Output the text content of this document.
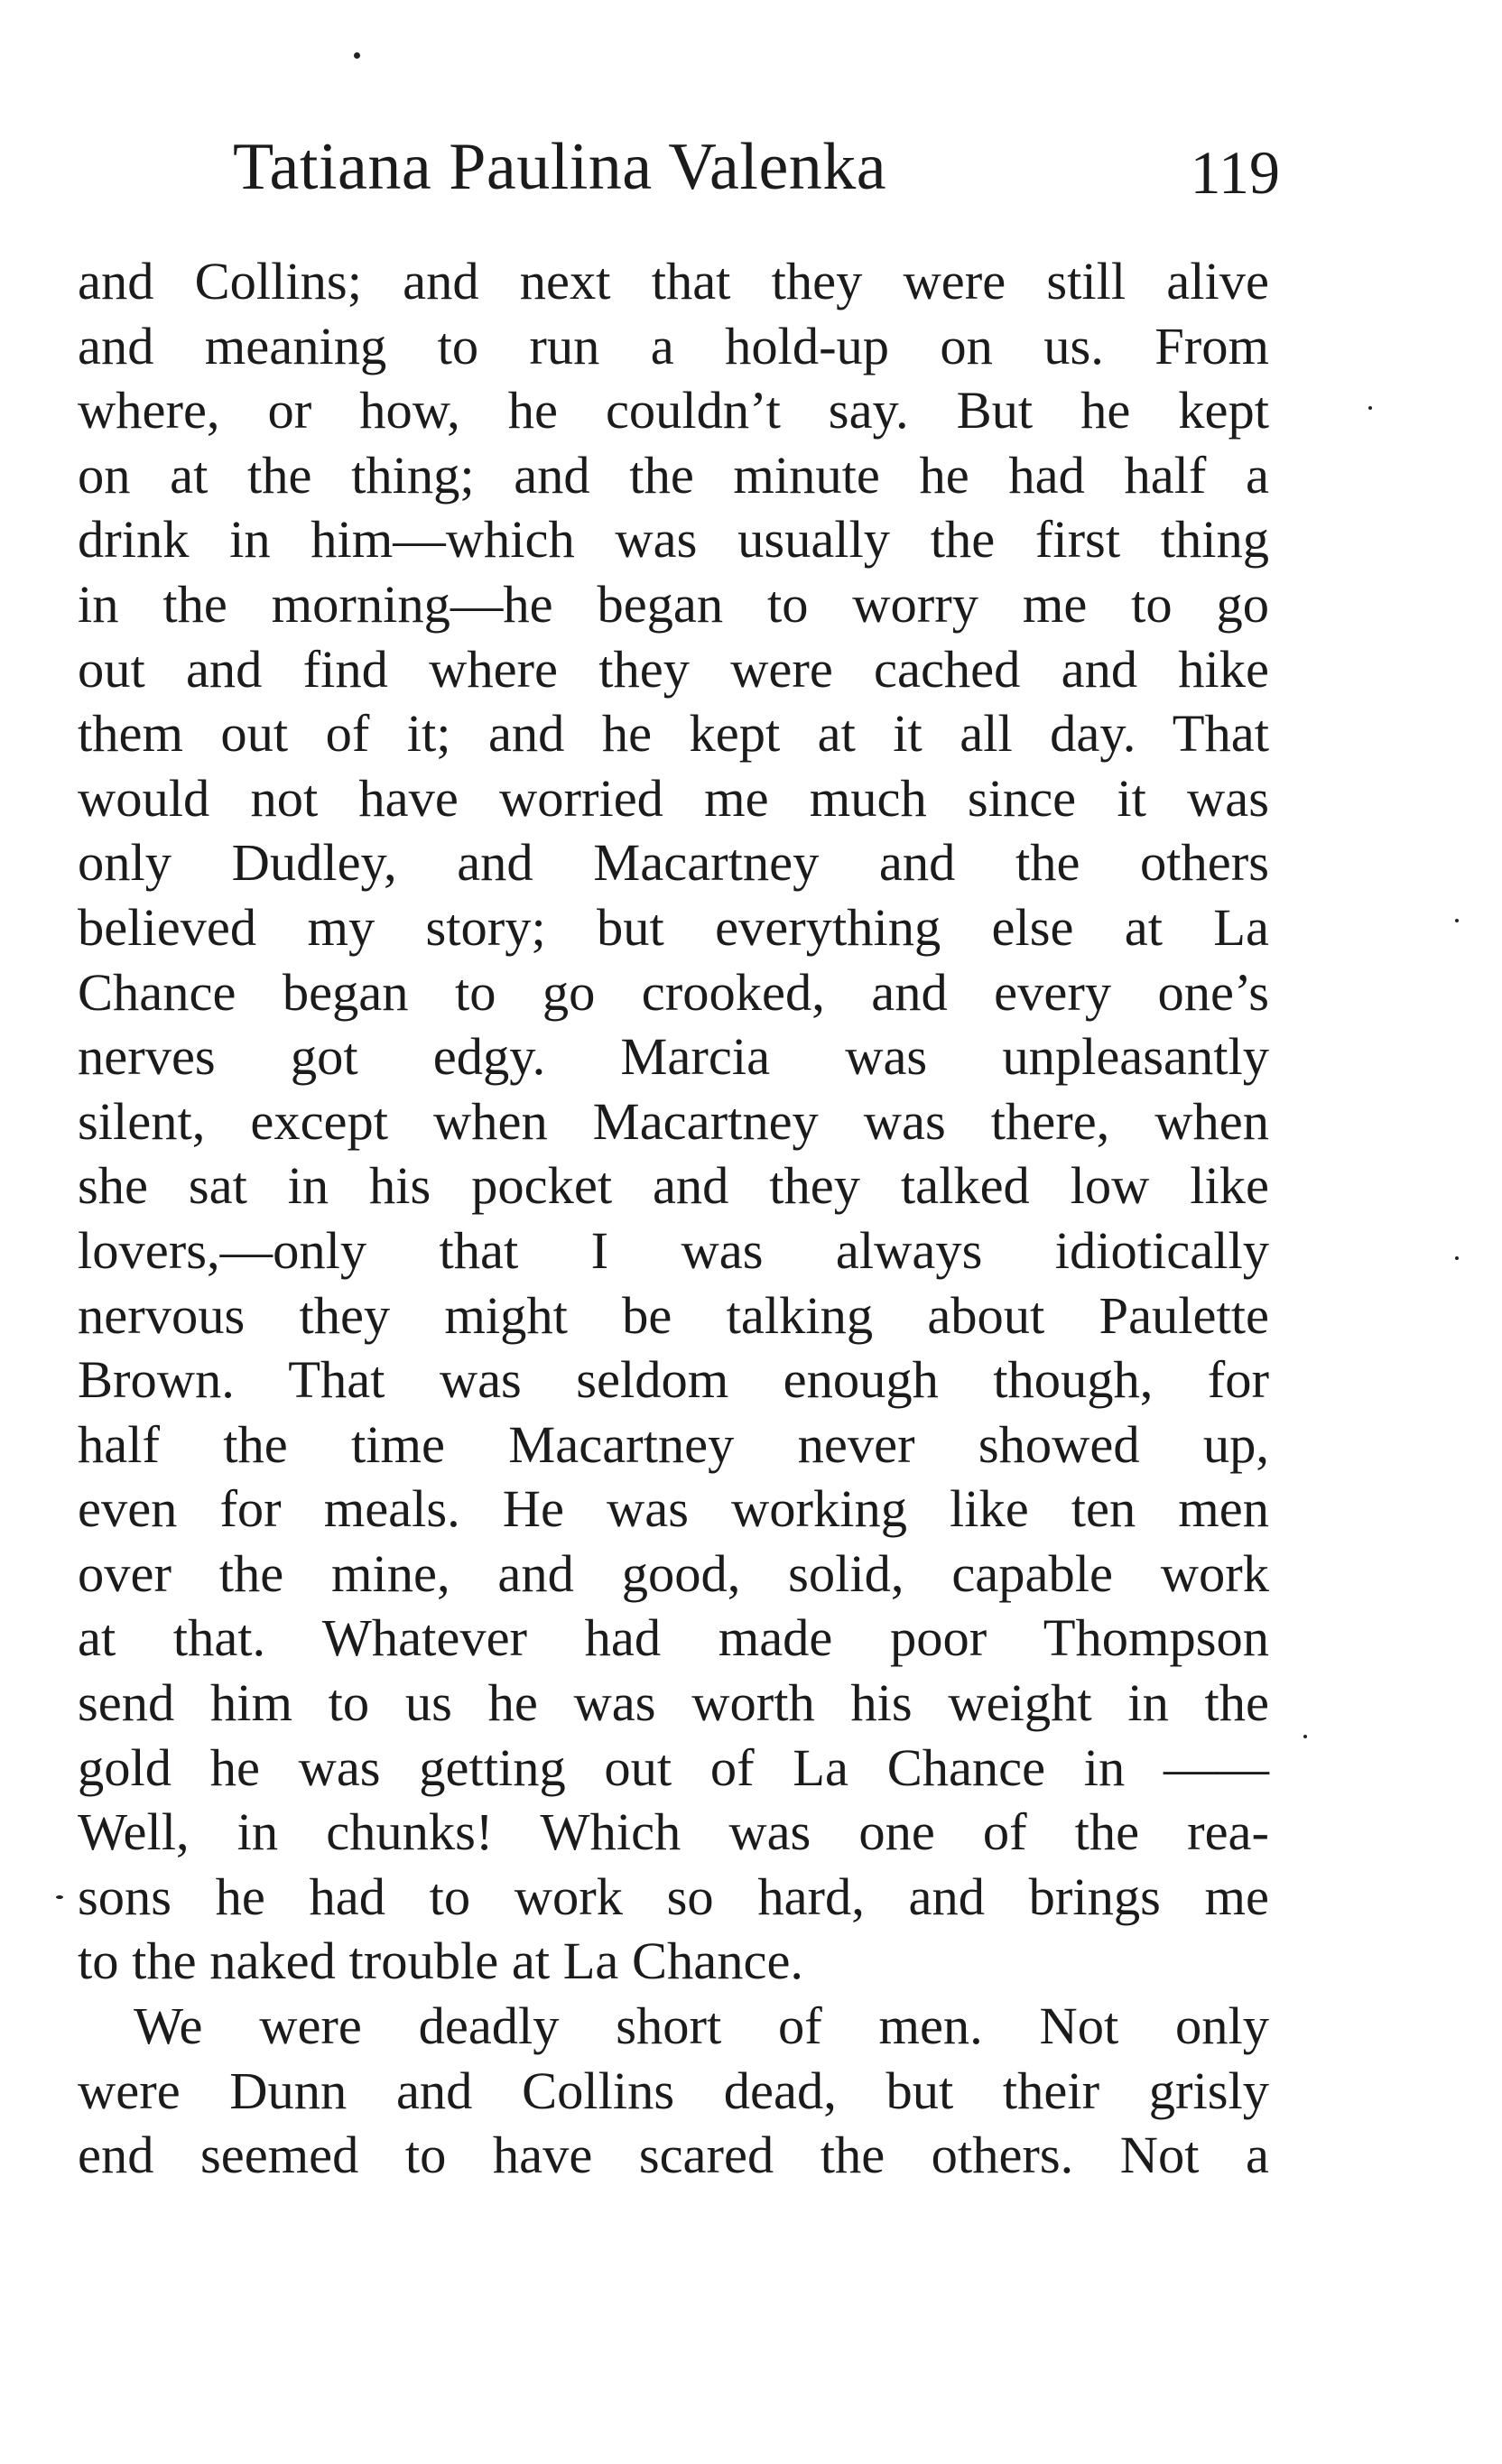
Tatiana Paulina Valenka	119
and Collins; and next that they were still alive
and meaning to run a hold-up on us. From
where, or how, he couldn’t say. But he kept
on at the thing; and the minute he had half a
drink in him—which was usually the first thing
in the morning—he began to worry me to go
out and find where they were cached and hike
them out of it; and he kept at it all day. That
would not have worried me much since it was
only Dudley, and Macartney and the others
believed my story; but everything else at La
Chance began to go crooked, and every one’s
nerves got edgy. Marcia was unpleasantly
silent, except when Macartney was there, when
she sat in his pocket and they talked low like
lovers,—only that I was always idiotically
nervous they might be talking about Paulette
Brown. That was seldom enough though, for
half the time Macartney never showed up,
even for meals. He was working like ten men
over the mine, and good, solid, capable work
at that. Whatever had made poor Thompson
send him to us he was worth his weight in the
gold he was getting out of La Chance in ——
Well, in chunks! Which was one of the rea-
sons he had to work so hard, and brings me
to the naked trouble at La Chance.
We were deadly short of men. Not only
were Dunn and Collins dead, but their grisly
end seemed to have scared the others. Not a
